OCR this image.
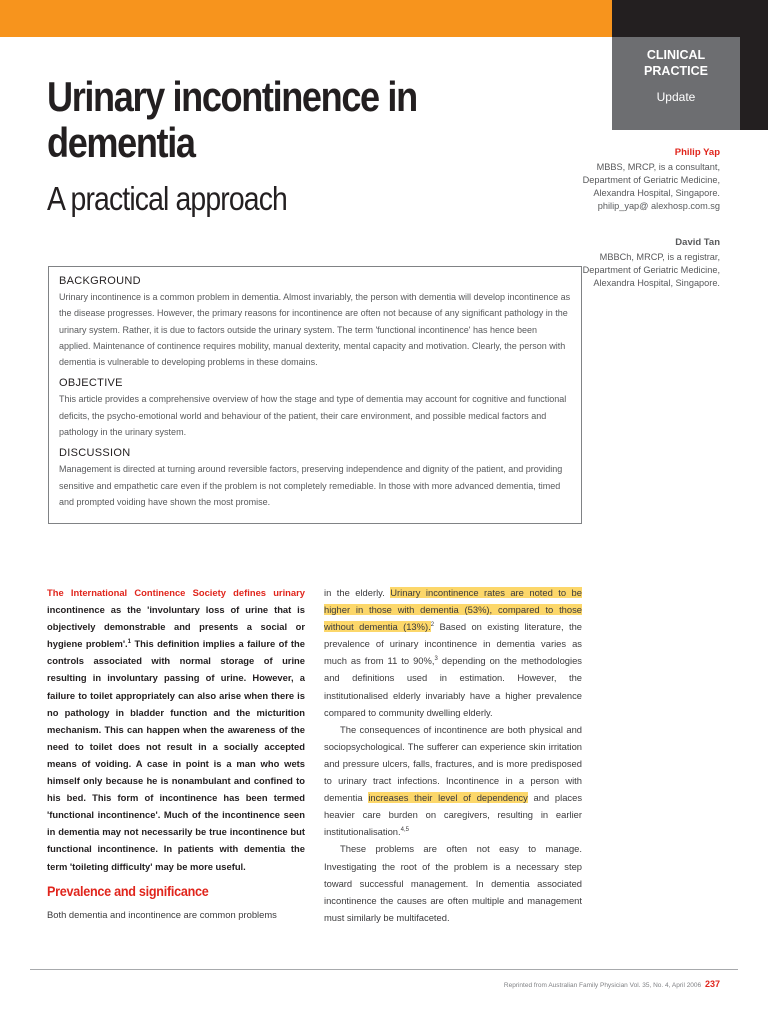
CLINICAL
PRACTICE
Update
Urinary incontinence in dementia
A practical approach
Philip Yap
MBBS, MRCP, is a consultant, Department of Geriatric Medicine, Alexandra Hospital, Singapore. philip_yap@ alexhosp.com.sg
David Tan
MBBCh, MRCP, is a registrar, Department of Geriatric Medicine, Alexandra Hospital, Singapore.
BACKGROUND

Urinary incontinence is a common problem in dementia. Almost invariably, the person with dementia will develop incontinence as the disease progresses. However, the primary reasons for incontinence are often not because of any significant pathology in the urinary system. Rather, it is due to factors outside the urinary system. The term 'functional incontinence' has hence been applied. Maintenance of continence requires mobility, manual dexterity, mental capacity and motivation. Clearly, the person with dementia is vulnerable to developing problems in these domains.

OBJECTIVE

This article provides a comprehensive overview of how the stage and type of dementia may account for cognitive and functional deficits, the psycho-emotional world and behaviour of the patient, their care environment, and possible medical factors and pathology in the urinary system.

DISCUSSION

Management is directed at turning around reversible factors, preserving independence and dignity of the patient, and providing sensitive and empathetic care even if the problem is not completely remediable. In those with more advanced dementia, timed and prompted voiding have shown the most promise.

The International Continence Society defines urinary incontinence as the 'involuntary loss of urine that is objectively demonstrable and presents a social or hygiene problem'.$^1$ This definition implies a failure of the controls associated with normal storage of urine resulting in involuntary passing of urine. However, a failure to toilet appropriately can also arise when there is no pathology in bladder function and the micturition mechanism. This can happen when the awareness of the need to toilet does not result in a socially accepted means of voiding. A case in point is a man who wets himself only because he is nonambulant and confined to his bed. This form of incontinence has been termed 'functional incontinence'. Much of the incontinence seen in dementia may not necessarily be true incontinence but functional incontinence. In patients with dementia the term 'toileting difficulty' may be more useful.

Prevalence and significance

Both dementia and incontinence are common problems

in the elderly. Urinary incontinence rates are noted to be higher in those with dementia (53%), compared to those without dementia (13%).$^2$ Based on existing literature, the prevalence of urinary incontinence in dementia varies as much as from 11 to 90%,$^3$ depending on the methodologies and definitions used in estimation. However, the institutionalised elderly invariably have a higher prevalence compared to community dwelling elderly.

The consequences of incontinence are both physical and sociopsychological. The sufferer can experience skin irritation and pressure ulcers, falls, fractures, and is more predisposed to urinary tract infections. Incontinence in a person with dementia increases their level of dependency and places heavier care burden on caregivers, resulting in earlier institutionalisation.$^{4,5}$

These problems are often not easy to manage. Investigating the root of the problem is a necessary step toward successful management. In dementia associated incontinence the causes are often multiple and management must similarly be multifaceted.

Reprinted from Australian Family Physician Vol. 35, No. 4, April 2006 237
